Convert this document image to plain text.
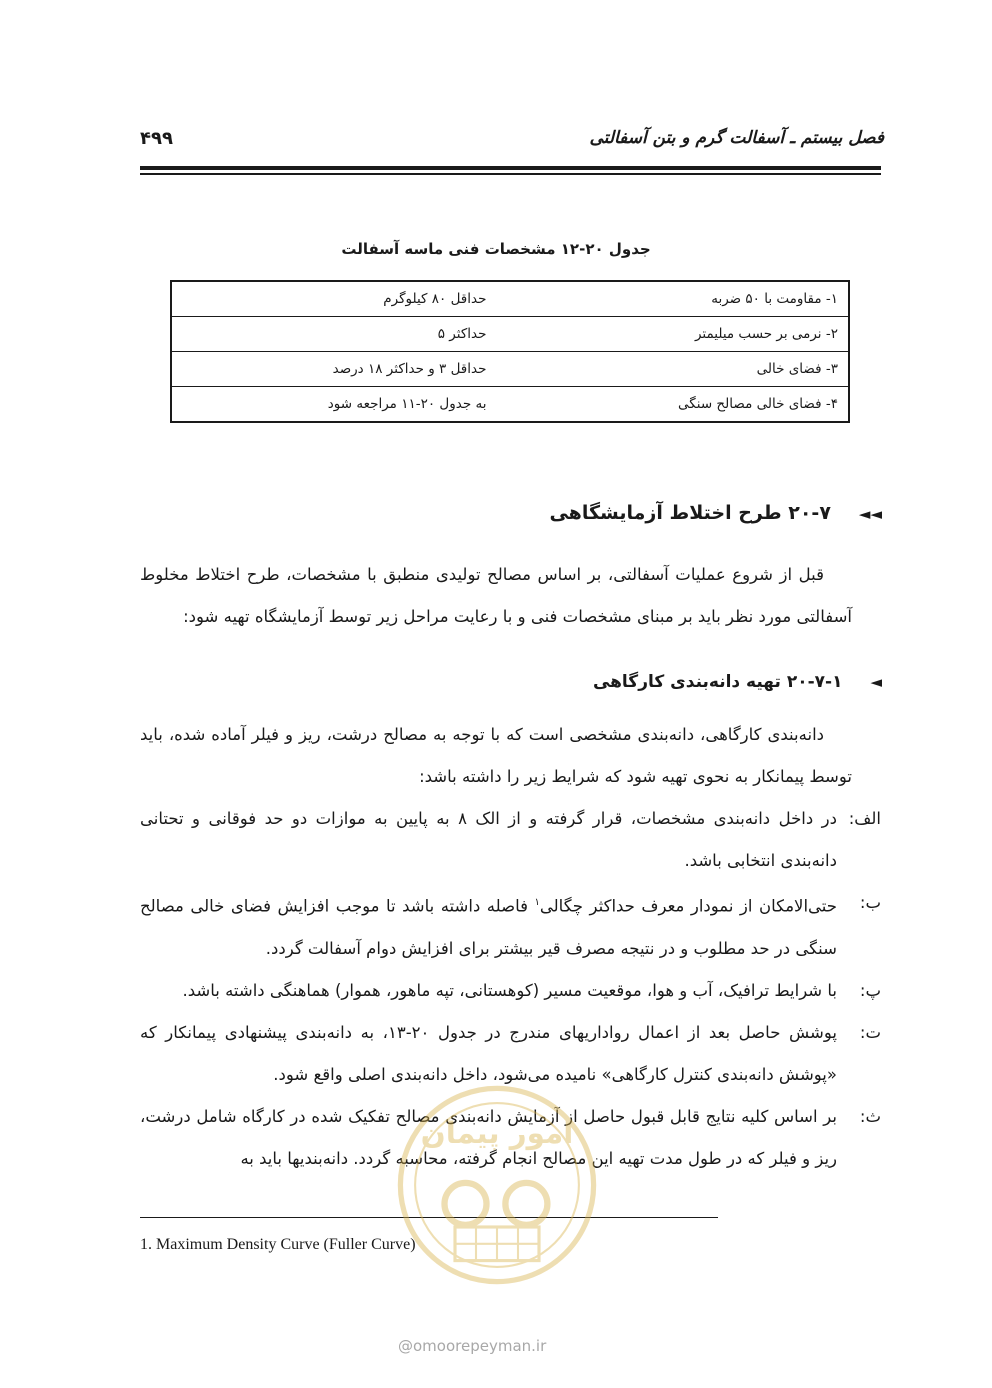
فصل بیستم ـ آسفالت گرم و بتن آسفالتی
۴۹۹
جدول ۲۰-۱۲ مشخصات فنی ماسه آسفالت
۱- مقاومت با ۵۰ ضربه	حداقل ۸۰ کیلوگرم
۲- نرمی بر حسب میلیمتر	حداکثر ۵
۳- فضای خالی	حداقل ۳ و حداکثر ۱۸ درصد
۴- فضای خالی مصالح سنگی	به جدول ۲۰-۱۱ مراجعه شود
◄◄۲۰-۷ طرح اختلاط آزمایشگاهی

قبل از شروع عملیات آسفالتی، بر اساس مصالح تولیدی منطبق با مشخصات، طرح اختلاط مخلوط آسفالتی مورد نظر باید بر مبنای مشخصات فنی و با رعایت مراحل زیر توسط آزمایشگاه تهیه شود:

◄۲۰-۷-۱ تهیه دانه‌بندی کارگاهی

دانه‌بندی کارگاهی، دانه‌بندی مشخصی است که با توجه به مصالح درشت، ریز و فیلر آماده شده، باید توسط پیمانکار به نحوی تهیه شود که شرایط زیر را داشته باشد:

الف:
در داخل دانه‌بندی مشخصات، قرار گرفته و از الک ۸ به پایین به موازات دو حد فوقانی و تحتانی دانه‌بندی انتخابی باشد.
ب:
حتی‌الامکان از نمودار معرف حداکثر چگالی$^۱$ فاصله داشته باشد تا موجب افزایش فضای خالی مصالح سنگی در حد مطلوب و در نتیجه مصرف قیر بیشتر برای افزایش دوام آسفالت گردد.
پ:
با شرایط ترافیک، آب و هوا، موقعیت مسیر (کوهستانی، تپه ماهور، هموار) هماهنگی داشته باشد.
ت:
پوشش حاصل بعد از اعمال رواداریهای مندرج در جدول ۲۰-۱۳، به دانه‌بندی پیشنهادی پیمانکار که «پوشش دانه‌بندی کنترل کارگاهی» نامیده می‌شود، داخل دانه‌بندی اصلی واقع شود.
ث:
بر اساس کلیه نتایج قابل قبول حاصل از آزمایش دانه‌بندی مصالح تفکیک شده در کارگاه شامل درشت، ریز و فیلر که در طول مدت تهیه این مصالح انجام گرفته، محاسبه گردد. دانه‌بندیها باید به
1. Maximum Density Curve (Fuller Curve)
امور پیمان
@omoorepeyman.ir
